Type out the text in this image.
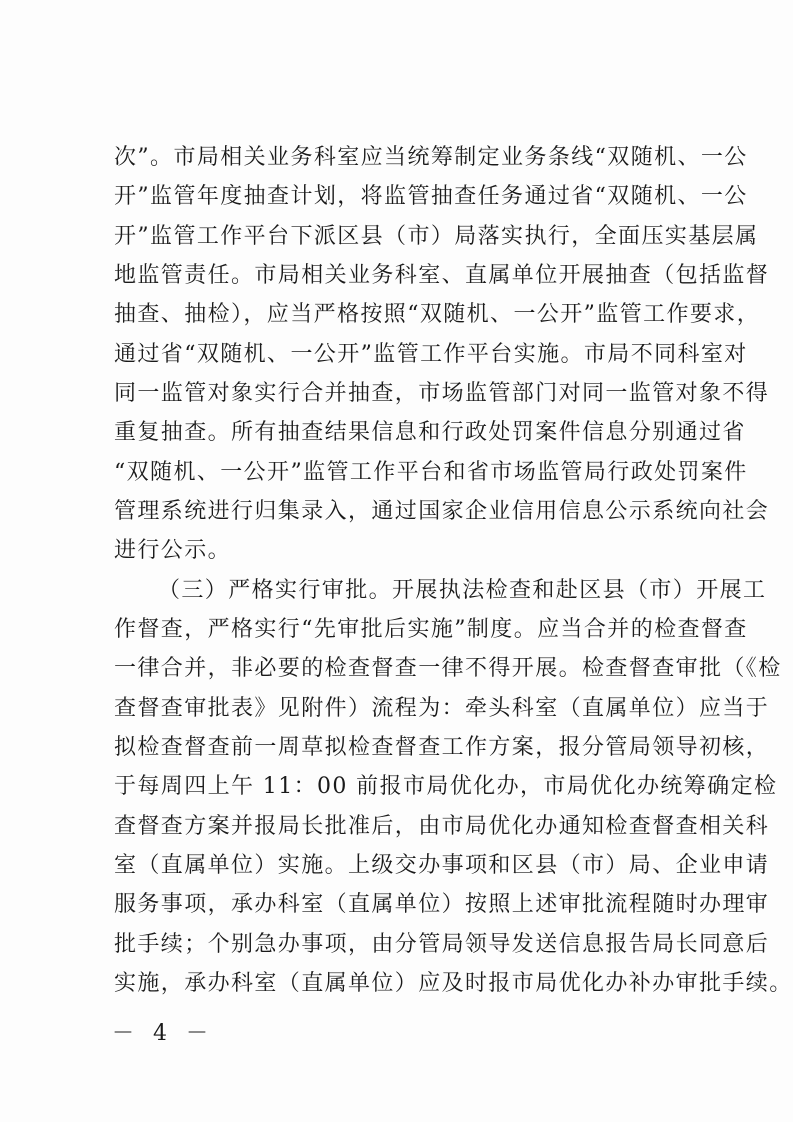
次”。市局相关业务科室应当统筹制定业务条线“双随机、一公
开”监管年度抽查计划，将监管抽查任务通过省“双随机、一公
开”监管工作平台下派区县（市）局落实执行，全面压实基层属
地监管责任。市局相关业务科室、直属单位开展抽查（包括监督
抽查、抽检），应当严格按照“双随机、一公开”监管工作要求，
通过省“双随机、一公开”监管工作平台实施。市局不同科室对
同一监管对象实行合并抽查，市场监管部门对同一监管对象不得
重复抽查。所有抽查结果信息和行政处罚案件信息分别通过省
“双随机、一公开”监管工作平台和省市场监管局行政处罚案件
管理系统进行归集录入，通过国家企业信用信息公示系统向社会
进行公示。
（三）严格实行审批。开展执法检查和赴区县（市）开展工
作督查，严格实行“先审批后实施”制度。应当合并的检查督查
一律合并，非必要的检查督查一律不得开展。检查督查审批（《检
查督查审批表》见附件）流程为：牵头科室（直属单位）应当于
拟检查督查前一周草拟检查督查工作方案，报分管局领导初核，
于每周四上午 11：00 前报市局优化办，市局优化办统筹确定检
查督查方案并报局长批准后，由市局优化办通知检查督查相关科
室（直属单位）实施。上级交办事项和区县（市）局、企业申请
服务事项，承办科室（直属单位）按照上述审批流程随时办理审
批手续；个别急办事项，由分管局领导发送信息报告局长同意后
实施，承办科室（直属单位）应及时报市局优化办补办审批手续。
－ 4 －
